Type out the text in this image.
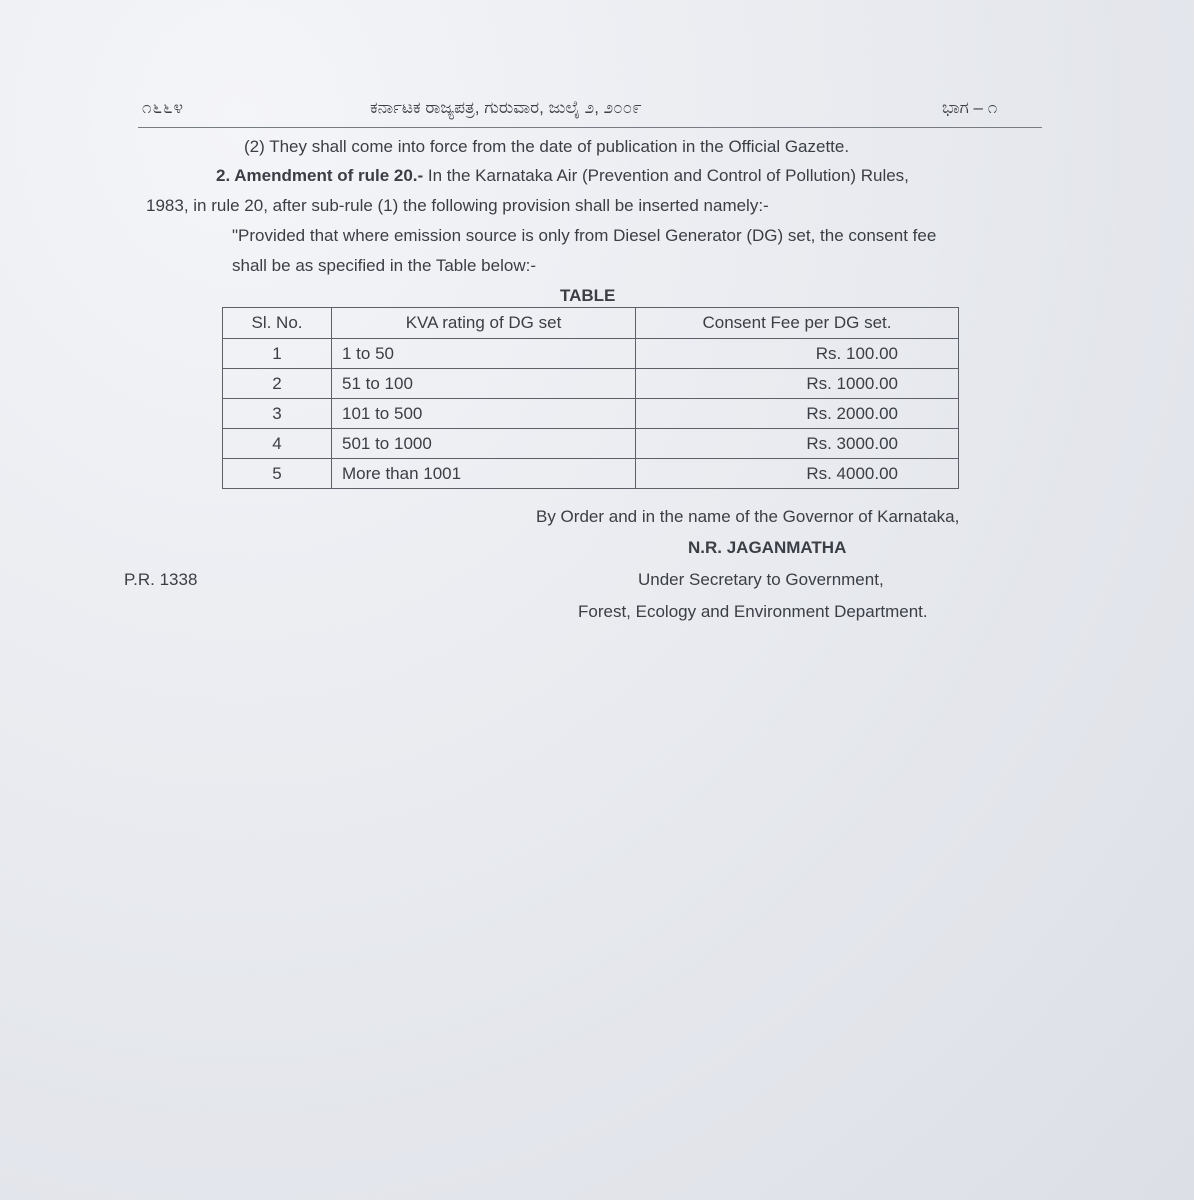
೧೬೬೪	ಕರ್ನಾಟಕ ರಾಜ್ಯಪತ್ರ, ಗುರುವಾರ, ಜುಲೈ ೨, ೨೦೦೯	ಭಾಗ – ೧
(2) They shall come into force from the date of publication in the Official Gazette.
2. Amendment of rule 20.- In the Karnataka Air (Prevention and Control of Pollution) Rules,
1983, in rule 20, after sub-rule (1) the following provision shall be inserted namely:-
"Provided that where emission source is only from Diesel Generator (DG) set, the consent fee
shall be as specified in the Table below:-
TABLE
Sl. No.	KVA rating of DG set	Consent Fee per DG set.
1	1 to 50	Rs. 100.00
2	51 to 100	Rs. 1000.00
3	101 to 500	Rs. 2000.00
4	501 to 1000	Rs. 3000.00
5	More than 1001	Rs. 4000.00
By Order and in the name of the Governor of Karnataka,
N.R. JAGANMATHA
P.R. 1338	Under Secretary to Government,
Forest, Ecology and Environment Department.
